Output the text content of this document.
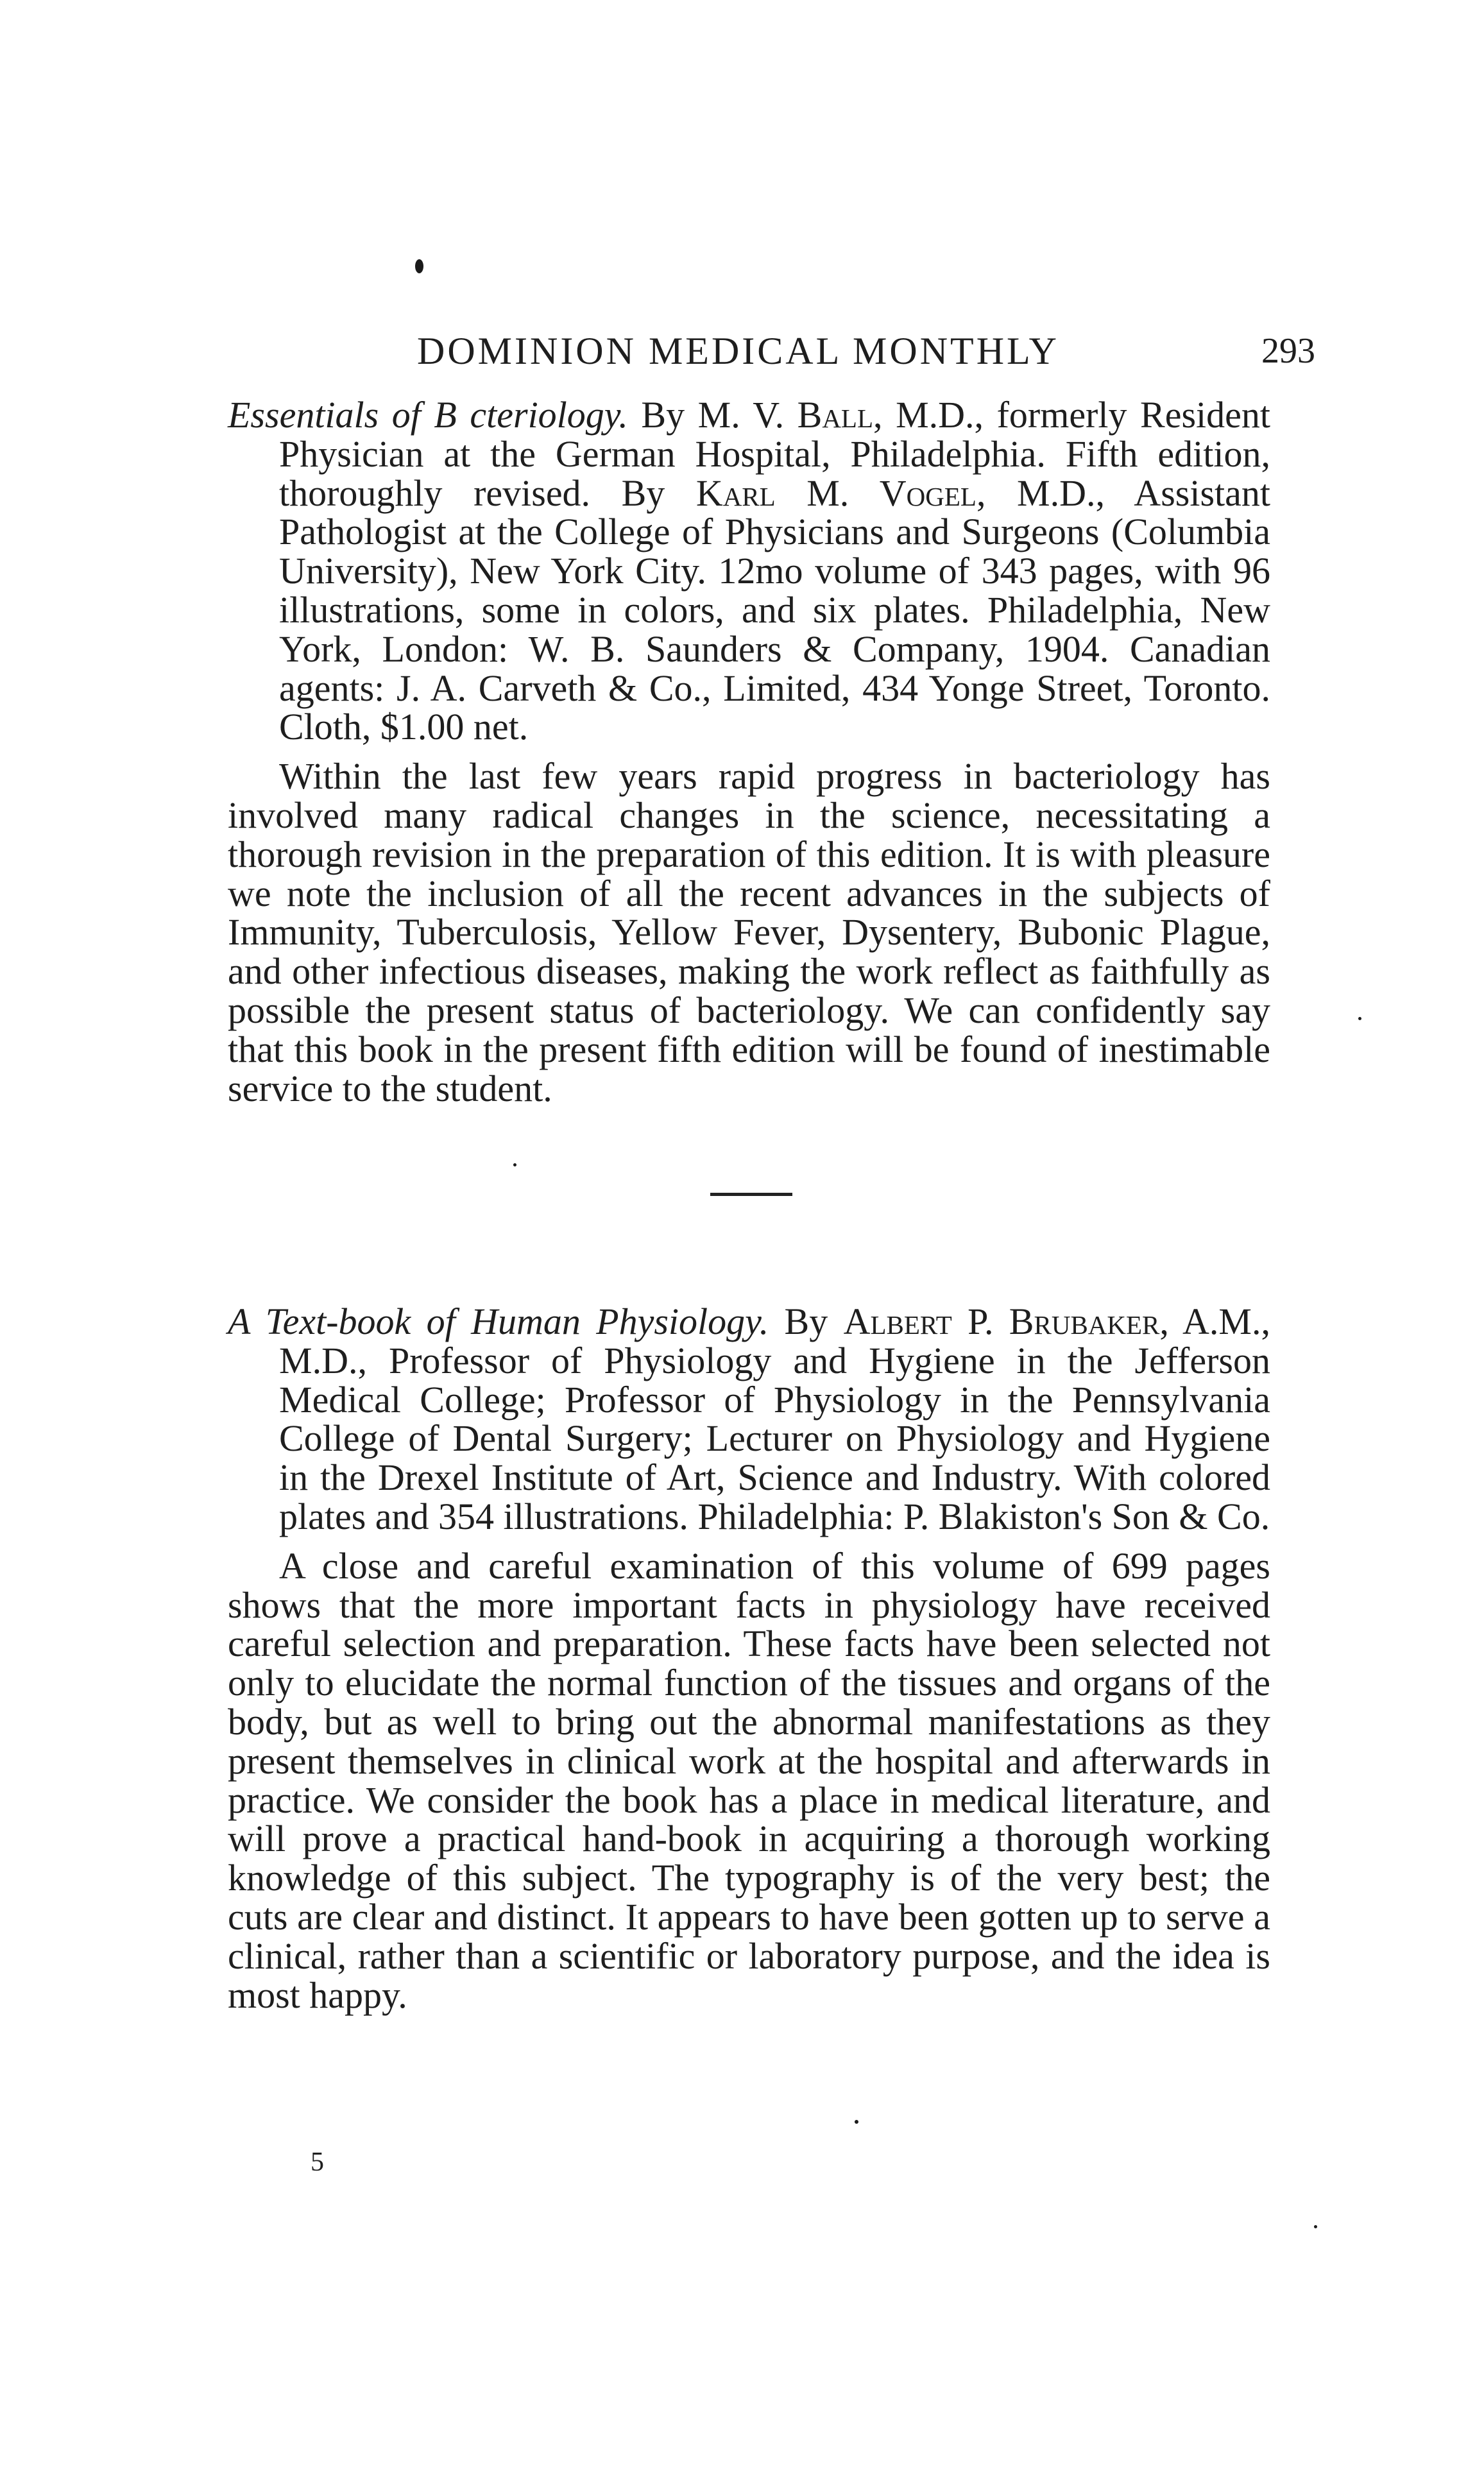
DOMINION MEDICAL MONTHLY	293

Essentials of B cteriology. By M. V. Ball, M.D., formerly Resident Physician at the German Hospital, Philadelphia. Fifth edition, thoroughly revised. By Karl M. Vogel, M.D., Assistant Pathologist at the College of Physicians and Surgeons (Columbia University), New York City. 12mo volume of 343 pages, with 96 illustrations, some in colors, and six plates. Philadelphia, New York, London: W. B. Saunders & Company, 1904. Canadian agents: J. A. Carveth & Co., Limited, 434 Yonge Street, Toronto. Cloth, $1.00 net.

Within the last few years rapid progress in bacteriology has involved many radical changes in the science, necessitating a thorough revision in the preparation of this edition. It is with pleasure we note the inclusion of all the recent advances in the subjects of Immunity, Tuberculosis, Yellow Fever, Dysentery, Bubonic Plague, and other infectious diseases, making the work reflect as faithfully as possible the present status of bacteriology. We can confidently say that this book in the present fifth edition will be found of inestimable service to the student.

A Text-book of Human Physiology. By Albert P. Brubaker, A.M., M.D., Professor of Physiology and Hygiene in the Jefferson Medical College; Professor of Physiology in the Pennsylvania College of Dental Surgery; Lecturer on Physiology and Hygiene in the Drexel Institute of Art, Science and Industry. With colored plates and 354 illustrations. Philadelphia: P. Blakiston's Son & Co.

A close and careful examination of this volume of 699 pages shows that the more important facts in physiology have received careful selection and preparation. These facts have been selected not only to elucidate the normal function of the tissues and organs of the body, but as well to bring out the abnormal manifestations as they present themselves in clinical work at the hospital and afterwards in practice. We consider the book has a place in medical literature, and will prove a practical hand-book in acquiring a thorough working knowledge of this subject. The typography is of the very best; the cuts are clear and distinct. It appears to have been gotten up to serve a clinical, rather than a scientific or laboratory purpose, and the idea is most happy.

5
